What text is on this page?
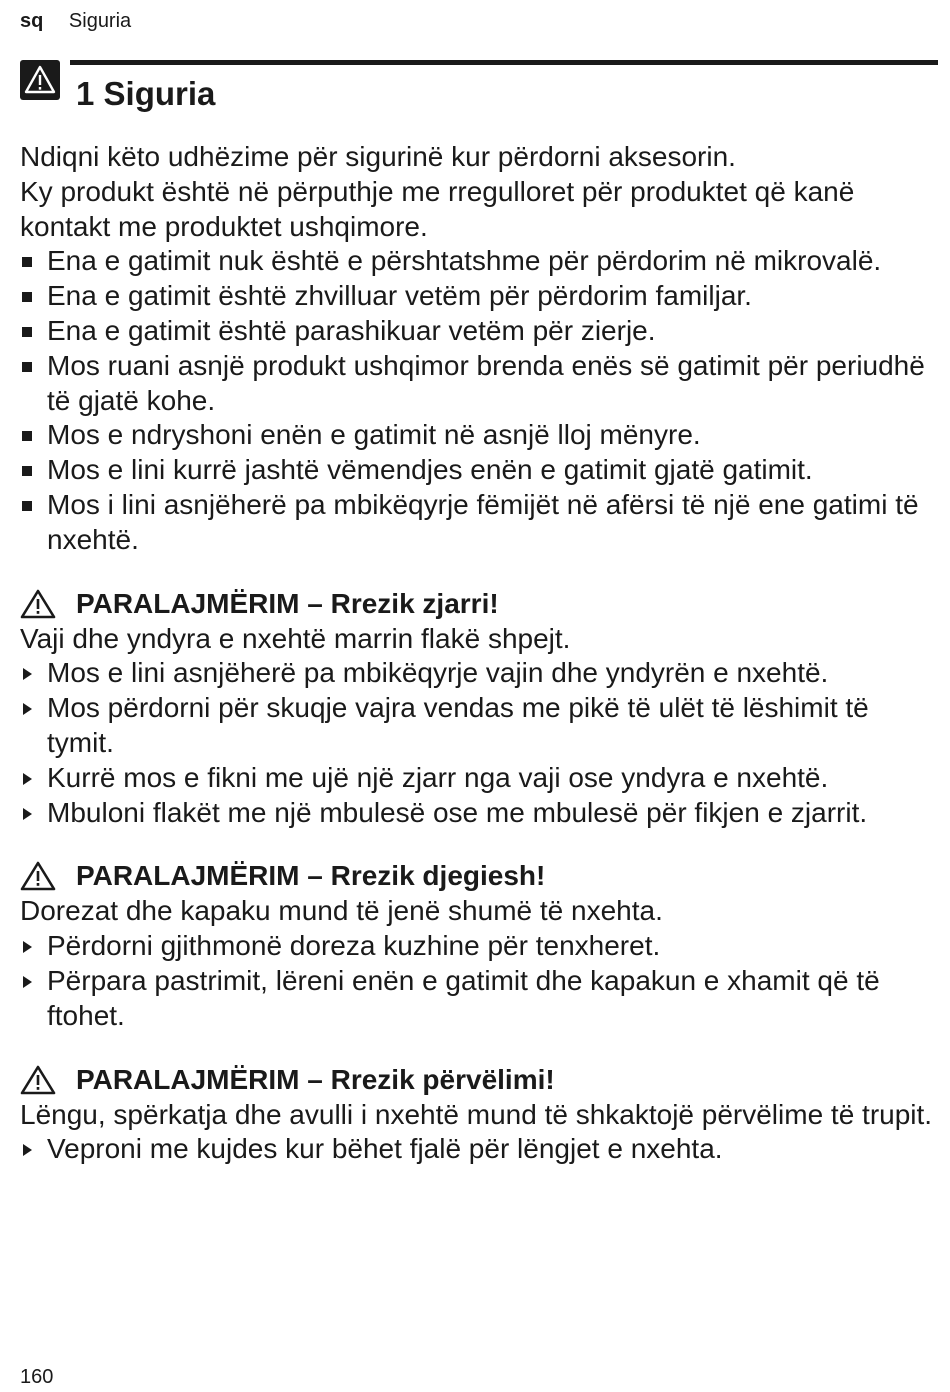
sq Siguria
1 Siguria

Ndiqni këto udhëzime për sigurinë kur përdorni aksesorin.

Ky produkt është në përputhje me rregulloret për produktet që kanë kontakt me produktet ushqimore.

Ena e gatimit nuk është e përshtatshme për përdorim në mikrovalë.
Ena e gatimit është zhvilluar vetëm për përdorim familjar.
Ena e gatimit është parashikuar vetëm për zierje.
Mos ruani asnjë produkt ushqimor brenda enës së gatimit për periudhë të gjatë kohe.
Mos e ndryshoni enën e gatimit në asnjë lloj mënyre.
Mos e lini kurrë jashtë vëmendjes enën e gatimit gjatë gatimit.
Mos i lini asnjëherë pa mbikëqyrje fëmijët në afërsi të një ene gatimi të nxehtë.
PARALAJMËRIM – Rrezik zjarri!

Vaji dhe yndyra e nxehtë marrin flakë shpejt.

Mos e lini asnjëherë pa mbikëqyrje vajin dhe yndyrën e nxehtë.
Mos përdorni për skuqje vajra vendas me pikë të ulët të lëshimit të tymit.
Kurrë mos e fikni me ujë një zjarr nga vaji ose yndyra e nxehtë.
Mbuloni flakët me një mbulesë ose me mbulesë për fikjen e zjarrit.
PARALAJMËRIM – Rrezik djegiesh!

Dorezat dhe kapaku mund të jenë shumë të nxehta.

Përdorni gjithmonë doreza kuzhine për tenxheret.
Përpara pastrimit, lëreni enën e gatimit dhe kapakun e xhamit që të ftohet.
PARALAJMËRIM – Rrezik përvëlimi!

Lëngu, spërkatja dhe avulli i nxehtë mund të shkaktojë përvëlime të trupit.

Veproni me kujdes kur bëhet fjalë për lëngjet e nxehta.
160
